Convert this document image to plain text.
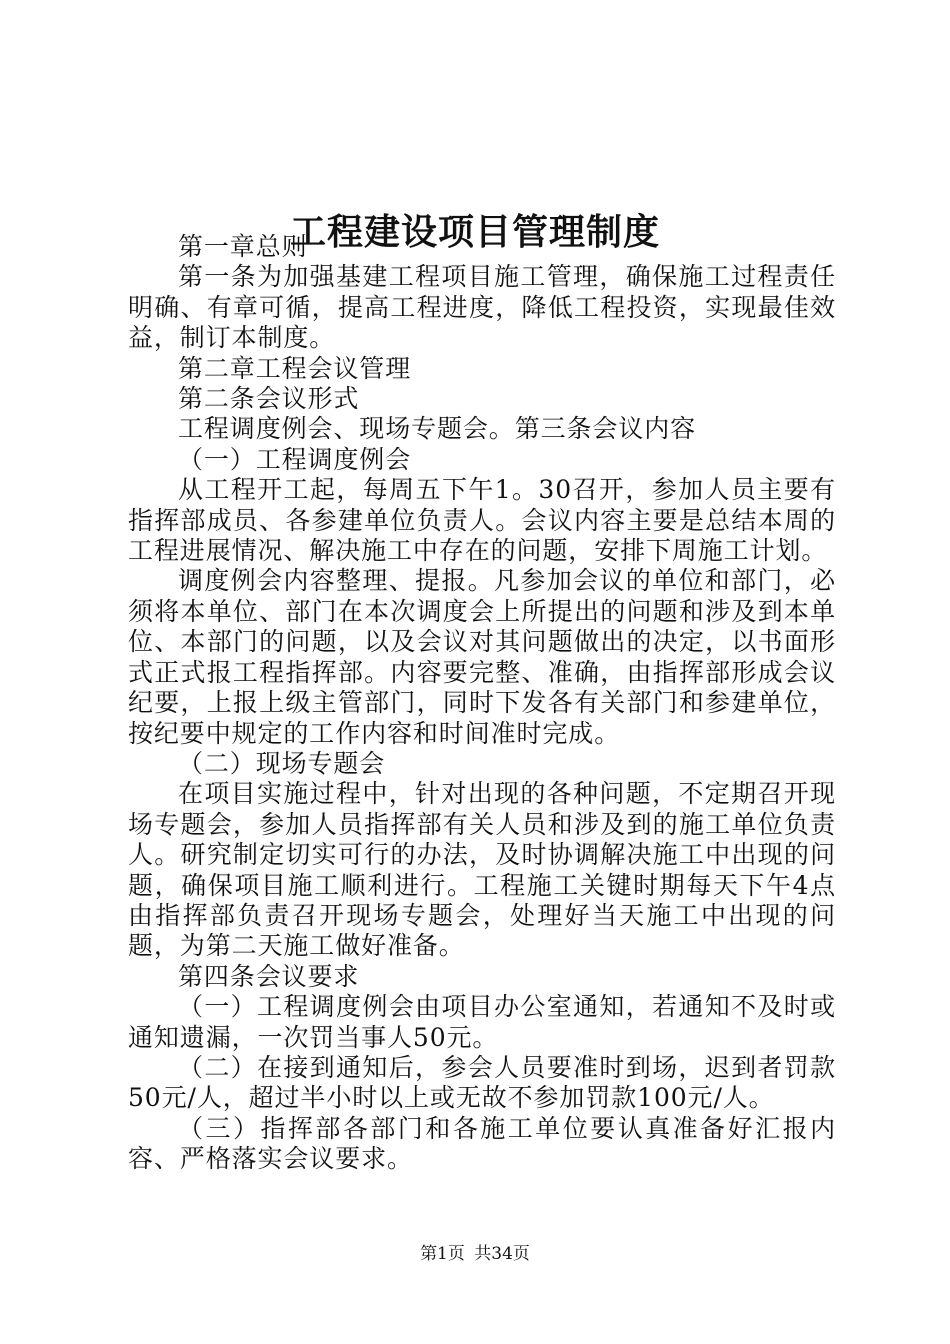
工程建设项目管理制度

第一章总则

第一条为加强基建工程项目施工管理，确保施工过程责任明确、有章可循，提高工程进度，降低工程投资，实现最佳效益，制订本制度。

第二章工程会议管理

第二条会议形式

工程调度例会、现场专题会。第三条会议内容

（一）工程调度例会

从工程开工起，每周五下午1。30召开，参加人员主要有指挥部成员、各参建单位负责人。会议内容主要是总结本周的工程进展情况、解决施工中存在的问题，安排下周施工计划。

调度例会内容整理、提报。凡参加会议的单位和部门，必须将本单位、部门在本次调度会上所提出的问题和涉及到本单位、本部门的问题，以及会议对其问题做出的决定，以书面形式正式报工程指挥部。内容要完整、准确，由指挥部形成会议纪要，上报上级主管部门，同时下发各有关部门和参建单位，按纪要中规定的工作内容和时间准时完成。

（二）现场专题会

在项目实施过程中，针对出现的各种问题，不定期召开现场专题会，参加人员指挥部有关人员和涉及到的施工单位负责人。研究制定切实可行的办法，及时协调解决施工中出现的问题，确保项目施工顺利进行。工程施工关键时期每天下午4点由指挥部负责召开现场专题会，处理好当天施工中出现的问题，为第二天施工做好准备。

第四条会议要求

（一）工程调度例会由项目办公室通知，若通知不及时或通知遗漏，一次罚当事人50元。

（二）在接到通知后，参会人员要准时到场，迟到者罚款50元/人，超过半小时以上或无故不参加罚款100元/人。

（三）指挥部各部门和各施工单位要认真准备好汇报内容、严格落实会议要求。

第1页 共34页
